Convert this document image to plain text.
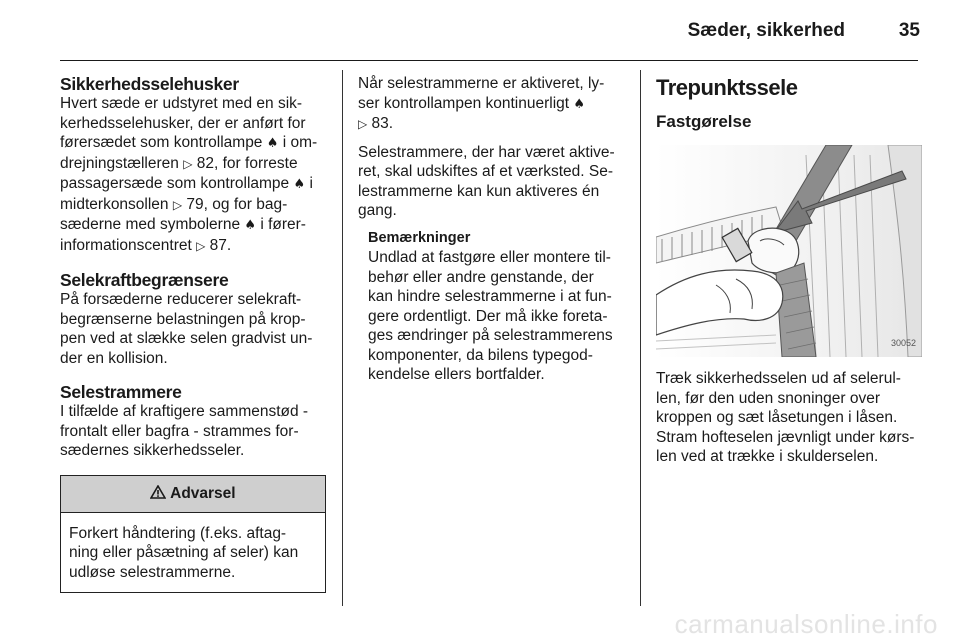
Sæder, sikkerhed	35
Sikkerhedsselehusker

Hvert sæde er udstyret med en sik-
kerhedsselehusker, der er anført for
førersædet som kontrollampe ♠ i om-
drejningstælleren ▷ 82, for forreste
passagersæde som kontrollampe ♠ i
midterkonsollen ▷ 79, og for bag-
sæderne med symbolerne ♠ i fører-
informationscentret ▷ 87.

Selekraftbegrænsere

På forsæderne reducerer selekraft-
begrænserne belastningen på krop-
pen ved at slække selen gradvist un-
der en kollision.

Selestrammere

I tilfælde af kraftigere sammenstød -
frontalt eller bagfra - strammes for-
sædernes sikkerhedsseler.

Advarsel
Forkert håndtering (f.eks. aftag-
ning eller påsætning af seler) kan
udløse selestrammerne.

Når selestrammerne er aktiveret, ly-
ser kontrollampen kontinuerligt ♠
▷ 83.

Selestrammere, der har været aktive-
ret, skal udskiftes af et værksted. Se-
lestrammerne kan kun aktiveres én
gang.

Bemærkninger

Undlad at fastgøre eller montere til-
behør eller andre genstande, der
kan hindre selestrammerne i at fun-
gere ordentligt. Der må ikke foreta-
ges ændringer på selestrammerens
komponenter, da bilens typegod-
kendelse ellers bortfalder.

Trepunktssele
Fastgørelse
30052

Træk sikkerhedsselen ud af selerul-
len, før den uden snoninger over
kroppen og sæt låsetungen i låsen.
Stram hofteselen jævnligt under kørs-
len ved at trække i skulderselen.

carmanualsonline.info
